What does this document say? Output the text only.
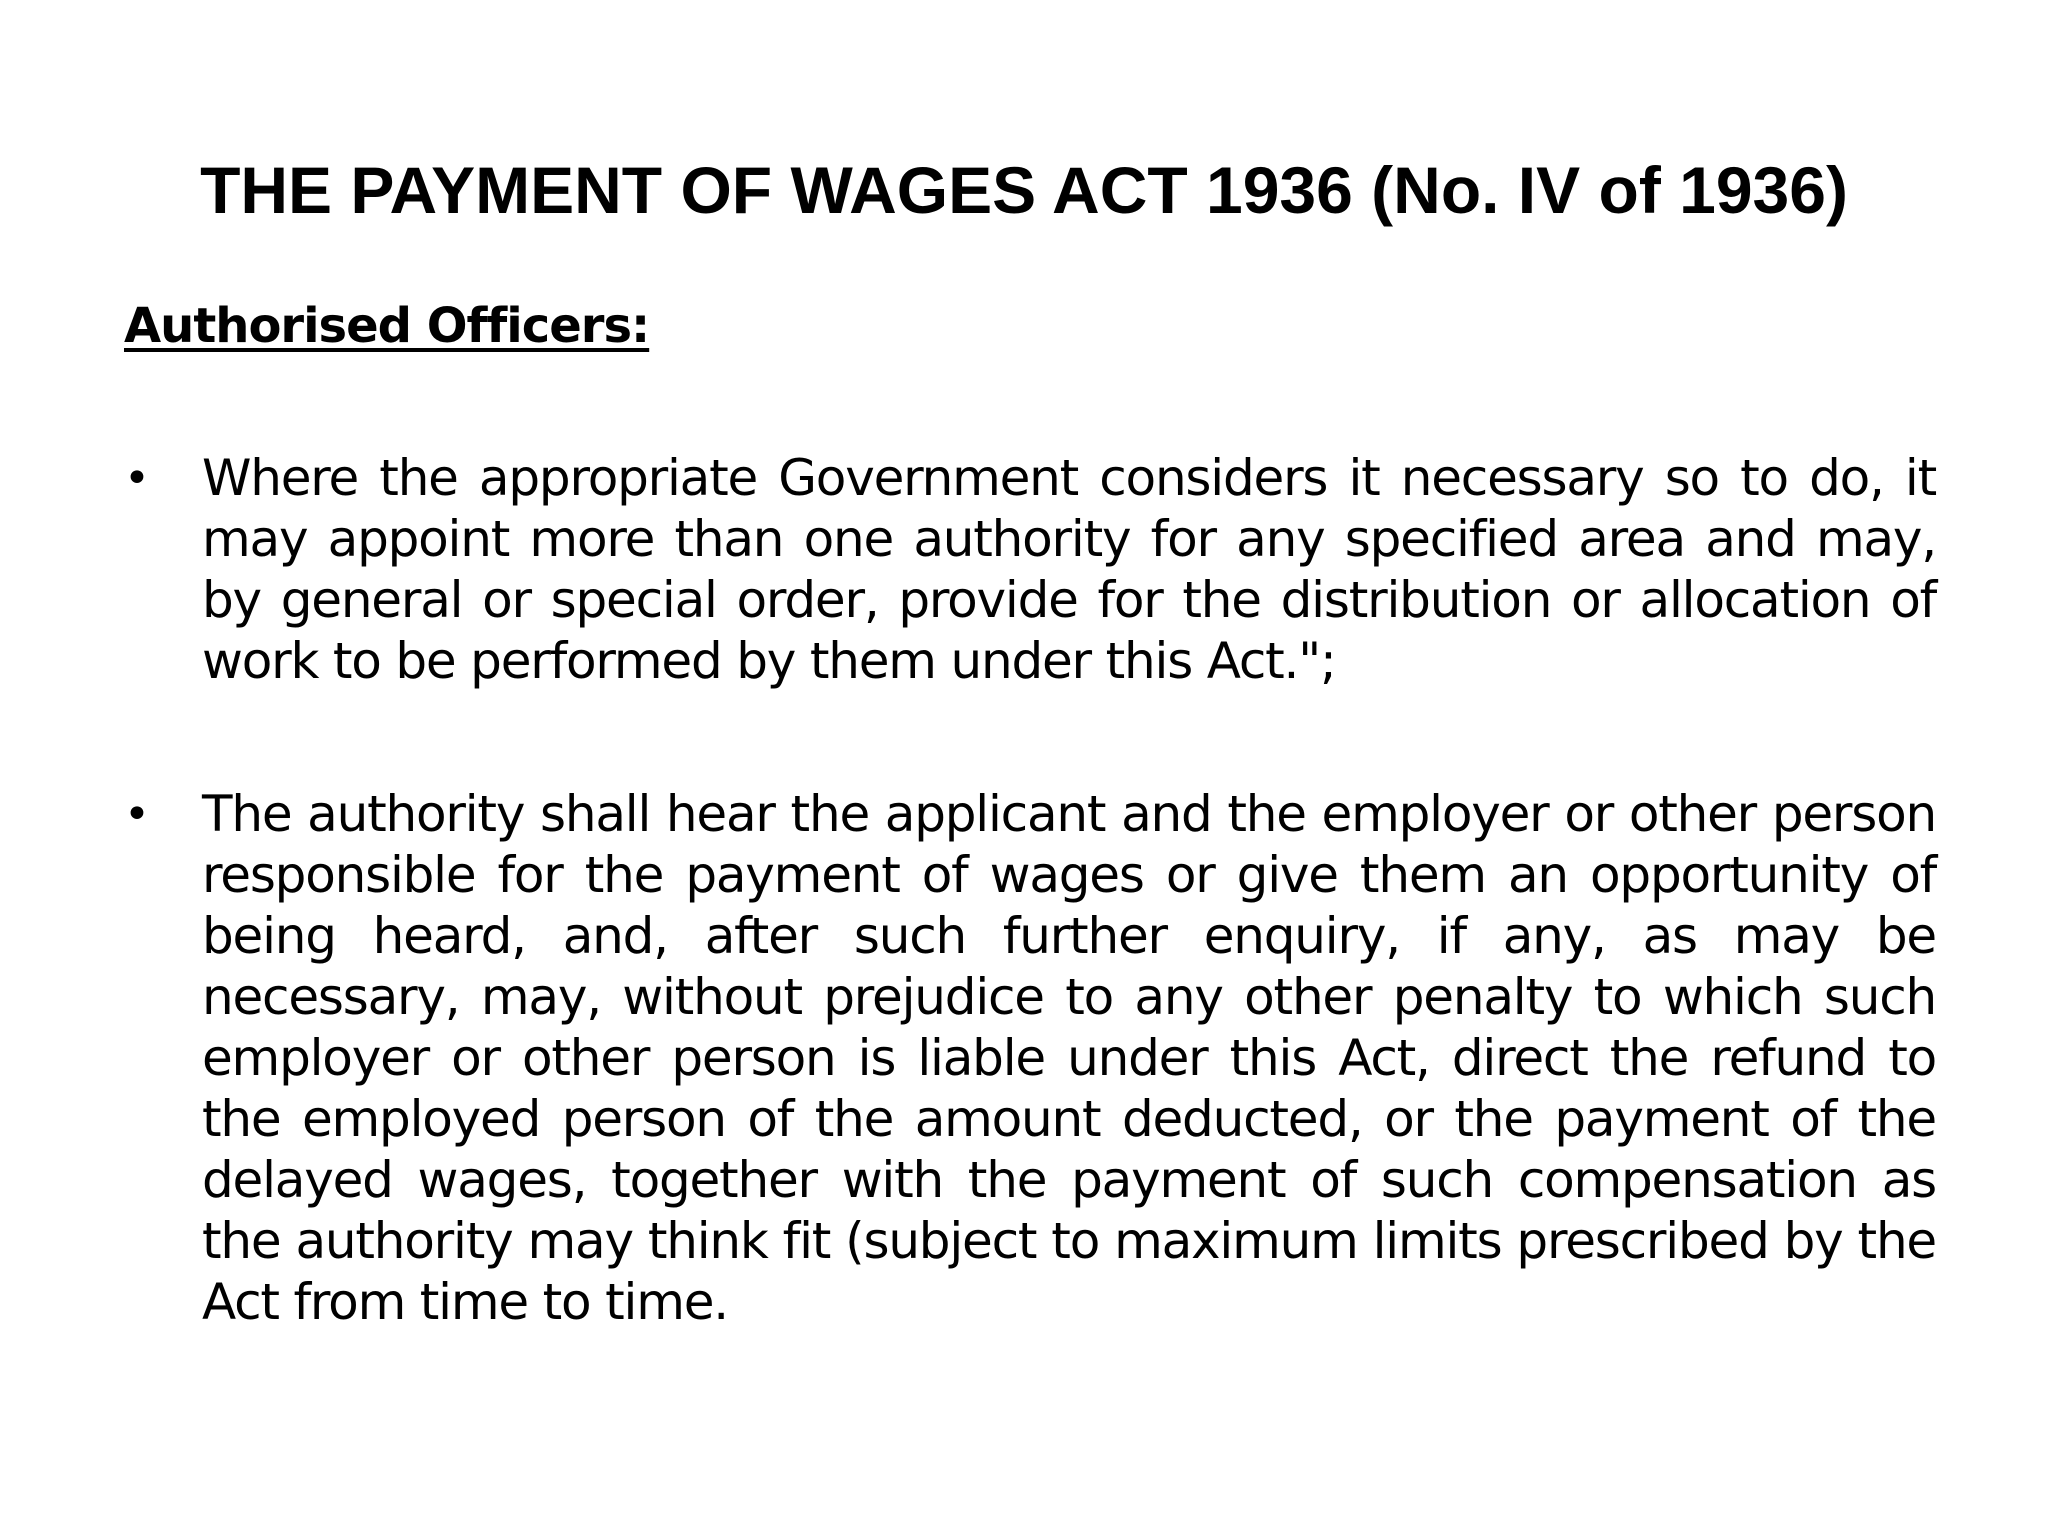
THE PAYMENT OF WAGES ACT 1936 (No. IV of 1936)
Authorised Officers:
• Where the appropriate Government considers it necessary so to do, it may appoint more than one authority for any specified area and may, by general or special order, provide for the distribution or allocation of work to be performed by them under this Act.";
• The authority shall hear the applicant and the employer or other person responsible for the payment of wages or give them an opportunity of being heard, and, after such further enquiry, if any, as may be necessary, may, without prejudice to any other penalty to which such employer or other person is liable under this Act, direct the refund to the employed person of the amount deducted, or the payment of the delayed wages, together with the payment of such compensation as the authority may think fit (subject to maximum limits prescribed by the Act from time to time.
